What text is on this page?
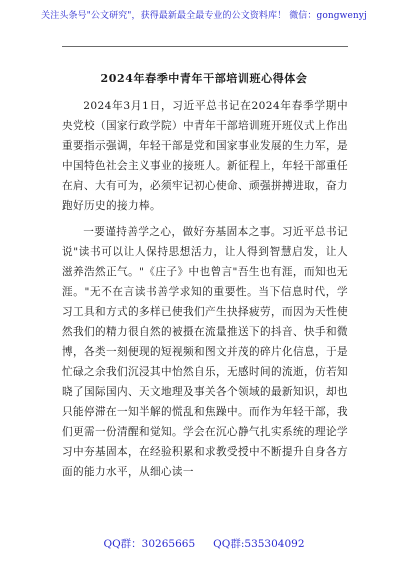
关注头条号"公文研究"，获得最新最全最专业的公文资料库！ 微信：gongwenyj
2024年春季中青年干部培训班心得体会

2024年3月1日，习近平总书记在2024年春季学期中央党校（国家行政学院）中青年干部培训班开班仪式上作出重要指示强调，年轻干部是党和国家事业发展的生力军，是中国特色社会主义事业的接班人。新征程上，年轻干部重任在肩、大有可为，必须牢记初心使命、顽强拼搏进取，奋力跑好历史的接力棒。

一要谨持善学之心，做好夯基固本之事。习近平总书记说"读书可以让人保持思想活力，让人得到智慧启发，让人滋养浩然正气。"《庄子》中也曾言"吾生也有涯，而知也无涯。"无不在言读书善学求知的重要性。当下信息时代，学习工具和方式的多样已使我们产生抉择疲劳，而因为天性使然我们的精力很自然的被摄在流量推送下的抖音、快手和微博，各类一刻便现的短视频和图文并茂的碎片化信息，于是忙碌之余我们沉浸其中怡然自乐，无感时间的流逝，仿若知晓了国际国内、天文地理及事关各个领域的最新知识，却也只能停滞在一知半解的慌乱和焦躁中。而作为年轻干部，我们更需一份清醒和觉知。学会在沉心静气扎实系统的理论学习中夯基固本，在经验积累和求教受授中不断提升自身各方面的能力水平，从细心读一

QQ群：30265665 QQ群:535304092
